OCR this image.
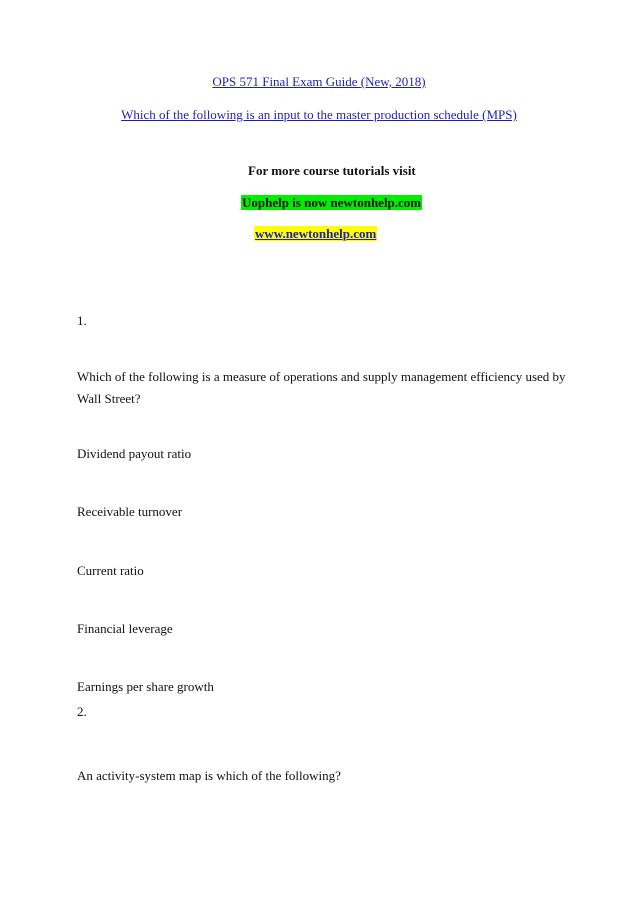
OPS 571 Final Exam Guide (New, 2018)
Which of the following is an input to the master production schedule (MPS)
For more course tutorials visit
Uophelp is now newtonhelp.com
www.newtonhelp.com
1.
Which of the following is a measure of operations and supply management efficiency used by Wall Street?
Dividend payout ratio
Receivable turnover
Current ratio
Financial leverage
Earnings per share growth
2.
An activity-system map is which of the following?
